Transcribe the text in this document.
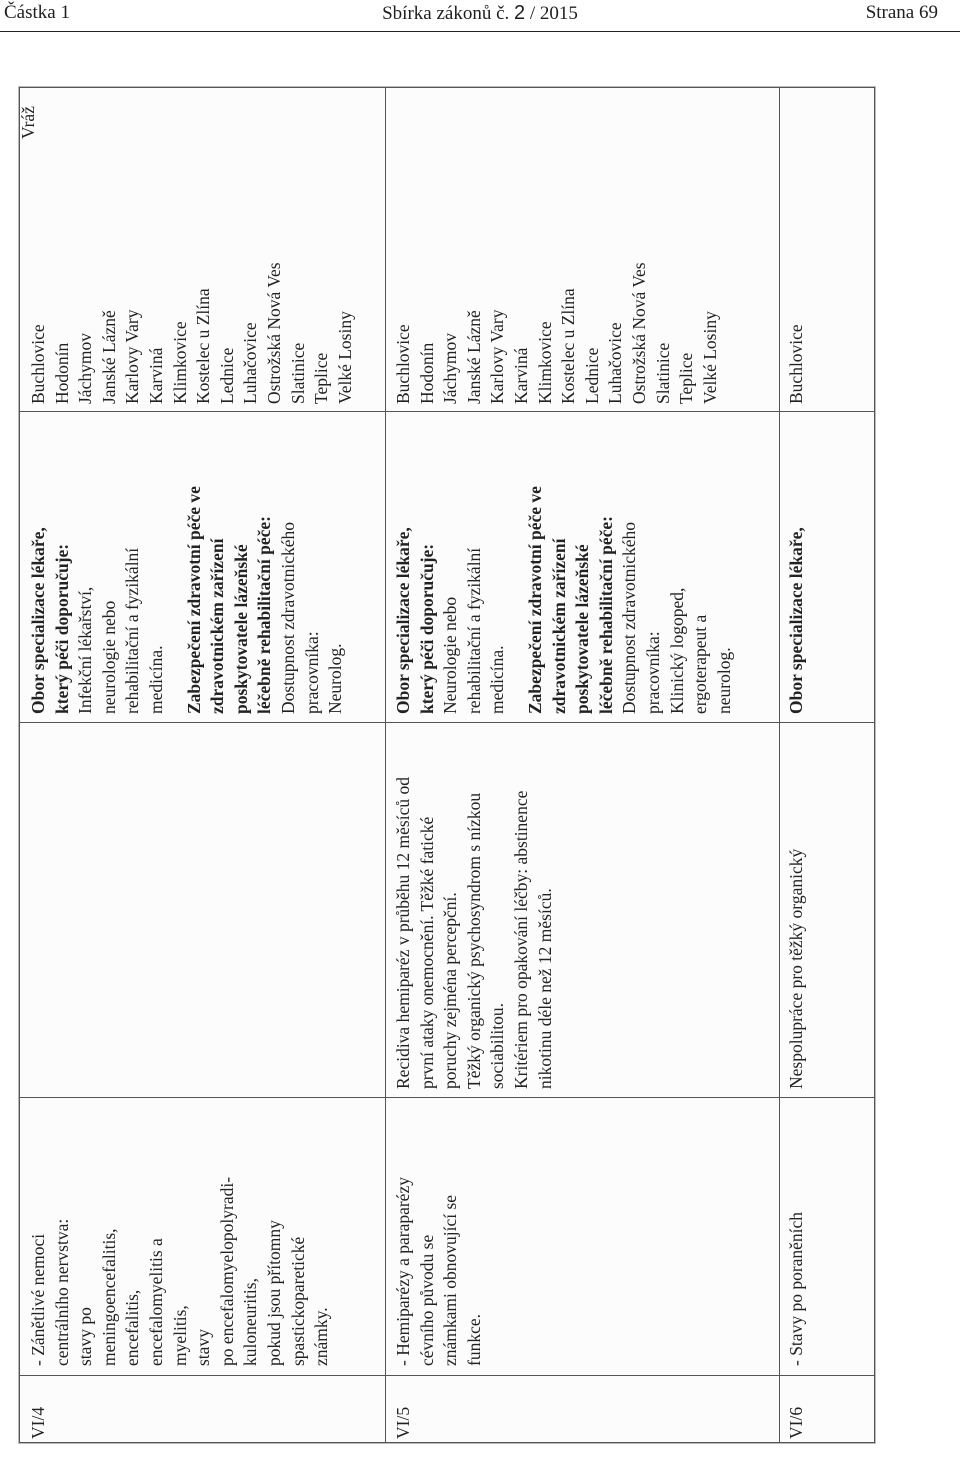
Částka 1	Sbírka zákonů č. 2 / 2015	Strana 69

Vráž

VI/4

- Zánětlivé nemoci centrálního nervstva: stavy po meningoencefalitis, encefalitis, encefalomyelitis a myelitis, stavy po encefalomyelopolyradi- kuloneuritis, pokud jsou přítomny spastickoparetické známky.

Obor specializace lékaře, který péči doporučuje: Infekční lékařství, neurologie nebo rehabilitační a fyzikální medicína. Zabezpečení zdravotní péče ve zdravotnickém zařízení poskytovatele lázeňské léčebně rehabilitační péče: Dostupnost zdravotnického pracovníka: Neurolog.

Buchlovice Hodonín Jáchymov Janské Lázně Karlovy Vary Karviná Klimkovice Kostelec u Zlína Lednice Luhačovice Ostrožská Nová Ves Slatinice Teplice Velké Losiny

VI/5

- Hemiparézy a paraparézy cévního původu se známkami obnovující se funkce.

Recidiva hemiparéz v průběhu 12 měsíců od první ataky onemocnění. Těžké fatické poruchy zejména percepční. Těžký organický psychosyndrom s nízkou sociabilitou. Kritériem pro opakování léčby: abstinence nikotinu déle než 12 měsíců.

Obor specializace lékaře, který péči doporučuje: Neurologie nebo rehabilitační a fyzikální medicína. Zabezpečení zdravotní péče ve zdravotnickém zařízení poskytovatele lázeňské léčebně rehabilitační péče: Dostupnost zdravotnického pracovníka: Klinický logoped, ergoterapeut a neurolog.

Buchlovice Hodonín Jáchymov Janské Lázně Karlovy Vary Karviná Klimkovice Kostelec u Zlína Lednice Luhačovice Ostrožská Nová Ves Slatinice Teplice Velké Losiny

VI/6

- Stavy po poraněních

Nespolupráce pro těžký organický

Obor specializace lékaře,

Buchlovice
